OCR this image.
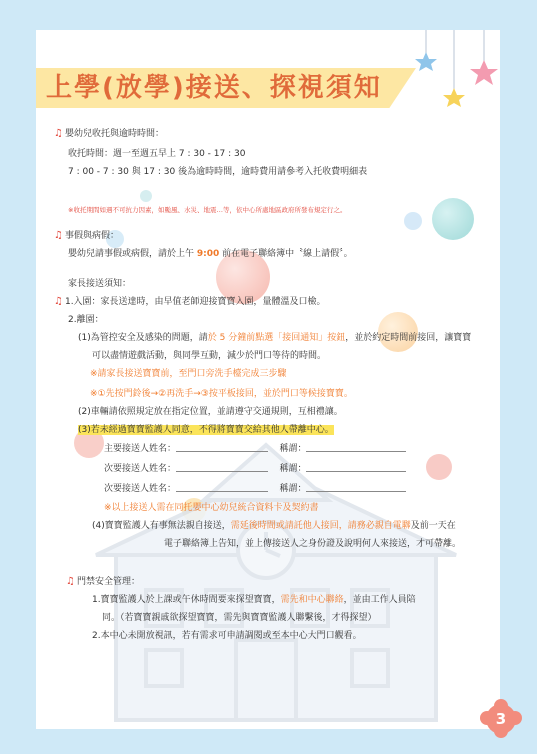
上學(放學)接送、探視須知
♫ 嬰幼兒收托與逾時時間：
收托時間：週一至週五早上 7 : 30 - 17 : 30
7 : 00 - 7 : 30 與 17 : 30 後為逾時時間，逾時費用請參考入托收費明細表
※收托期間如遇不可抗力因素，如颱風、水災、地震…等，依中心所處地區政府所發布規定行之。
♫ 事假與病假：
嬰幼兒請事假或病假，請於上午 9:00 前在電子聯絡簿中〝線上請假〞。
家長接送須知：
♫ 1.入園：家長送達時，由早值老師迎接寶寶入園，量體溫及口檢。
2.離園：
(1)為管控安全及感染的問題，請於 5 分鐘前點選「接回通知」按鈕，並於約定時間前接回，讓寶寶
可以盡情遊戲活動，與同學互動，減少於門口等待的時間。
※請家長接送寶寶前，至門口旁洗手檯完成三步驟
※①先按門鈴後→②再洗手→③按平板接回，並於門口等候接寶寶。
(2)車輛請依照規定放在指定位置，並請遵守交通規則，互相禮讓。
(3)若未經過寶寶監護人同意，不得將寶寶交給其他人帶離中心。
主要接送人姓名：	稱謂：
次要接送人姓名：	稱謂：
次要接送人姓名：	稱謂：
※以上接送人需在同托嬰中心幼兒統合資料卡及契約書
(4)寶寶監護人有事無法親自接送，需延後時間或請託他人接回，請務必親自電聯及前一天在
電子聯絡簿上告知，並上傳接送人之身份證及說明何人來接送，才可帶離。
♫ 門禁安全管理：
1.寶寶監護人於上課或午休時間要來探望寶寶，需先和中心聯絡，並由工作人員陪
同。（若寶寶親戚欲探望寶寶，需先與寶寶監護人聯繫後，才得探望）
2.本中心未開放視訊，若有需求可申請調閱或至本中心大門口觀看。
3
